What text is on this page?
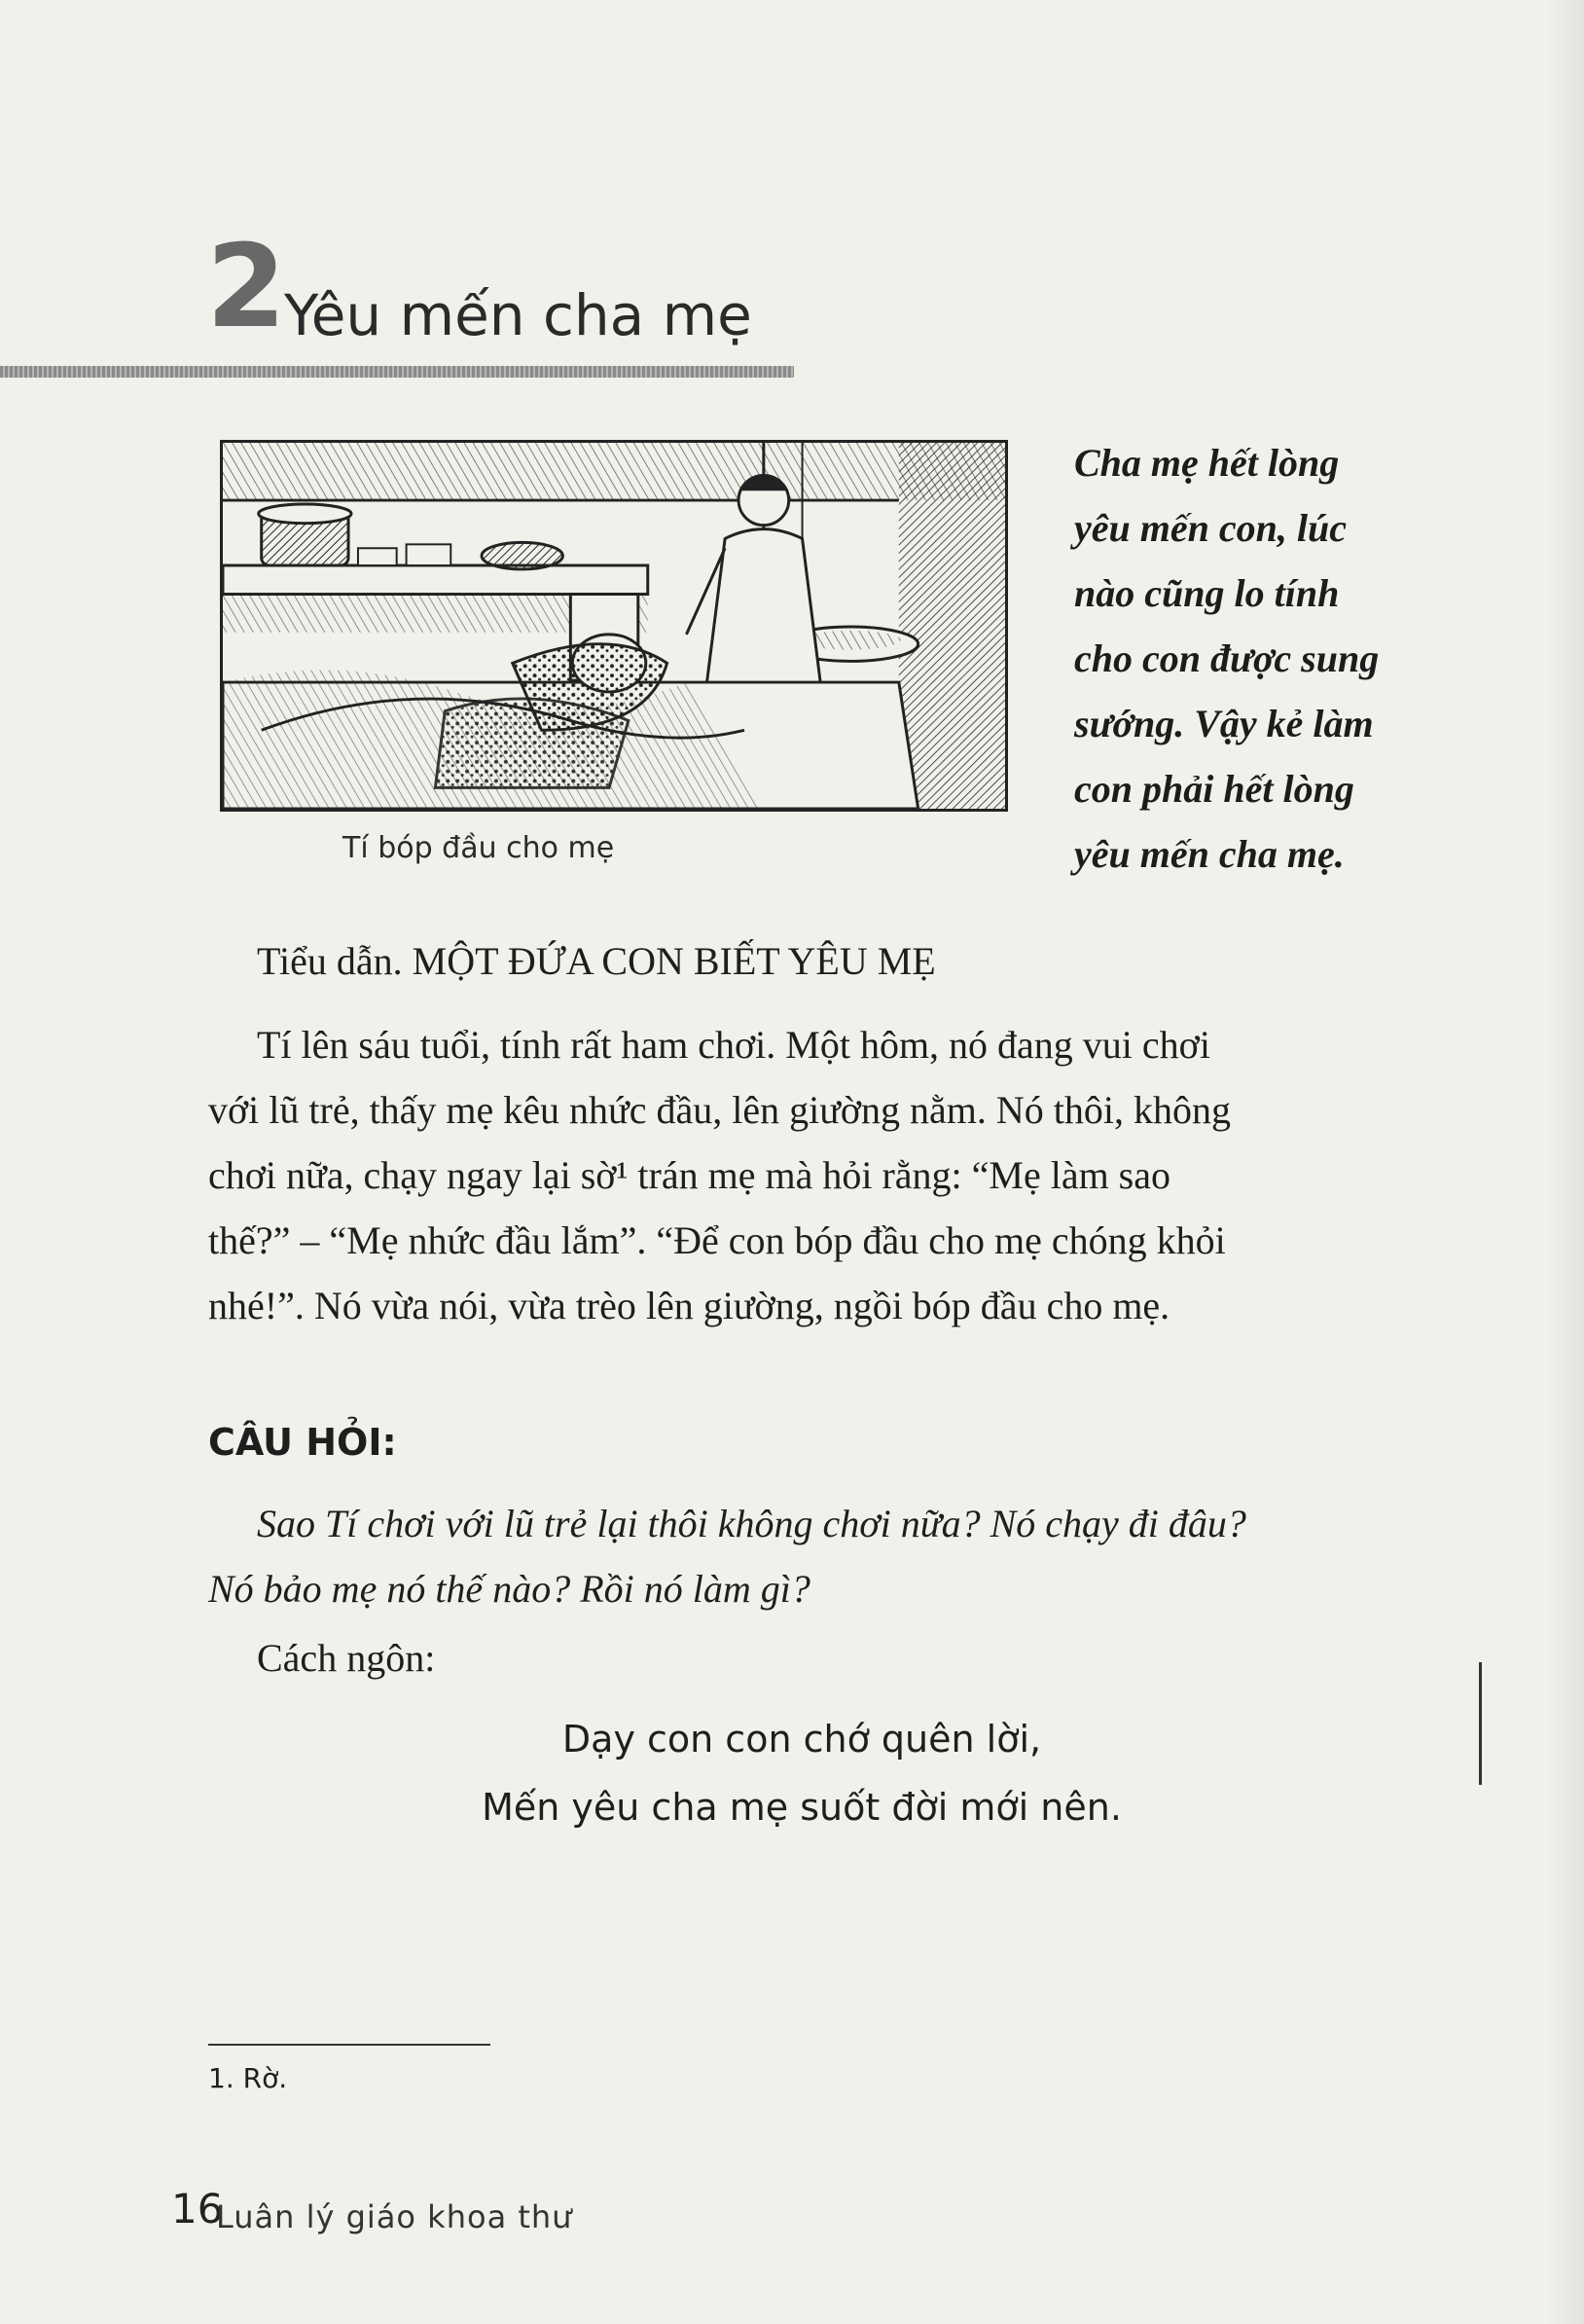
2
Yêu mến cha mẹ
Tí bóp đầu cho mẹ
Cha mẹ hết lòng
yêu mến con, lúc
nào cũng lo tính
cho con được sung
sướng. Vậy kẻ làm
con phải hết lòng
yêu mến cha mẹ.
Tiểu dẫn. MỘT ĐỨA CON BIẾT YÊU MẸ
Tí lên sáu tuổi, tính rất ham chơi. Một hôm, nó đang vui chơi
với lũ trẻ, thấy mẹ kêu nhức đầu, lên giường nằm. Nó thôi, không
chơi nữa, chạy ngay lại sờ¹ trán mẹ mà hỏi rằng: “Mẹ làm sao
thế?” – “Mẹ nhức đầu lắm”. “Để con bóp đầu cho mẹ chóng khỏi
nhé!”. Nó vừa nói, vừa trèo lên giường, ngồi bóp đầu cho mẹ.
CÂU HỎI:
Sao Tí chơi với lũ trẻ lại thôi không chơi nữa? Nó chạy đi đâu?
Nó bảo mẹ nó thế nào? Rồi nó làm gì?
Cách ngôn:
Dạy con con chớ quên lời,
Mến yêu cha mẹ suốt đời mới nên.
1. Rờ.
16
Luân lý giáo khoa thư
